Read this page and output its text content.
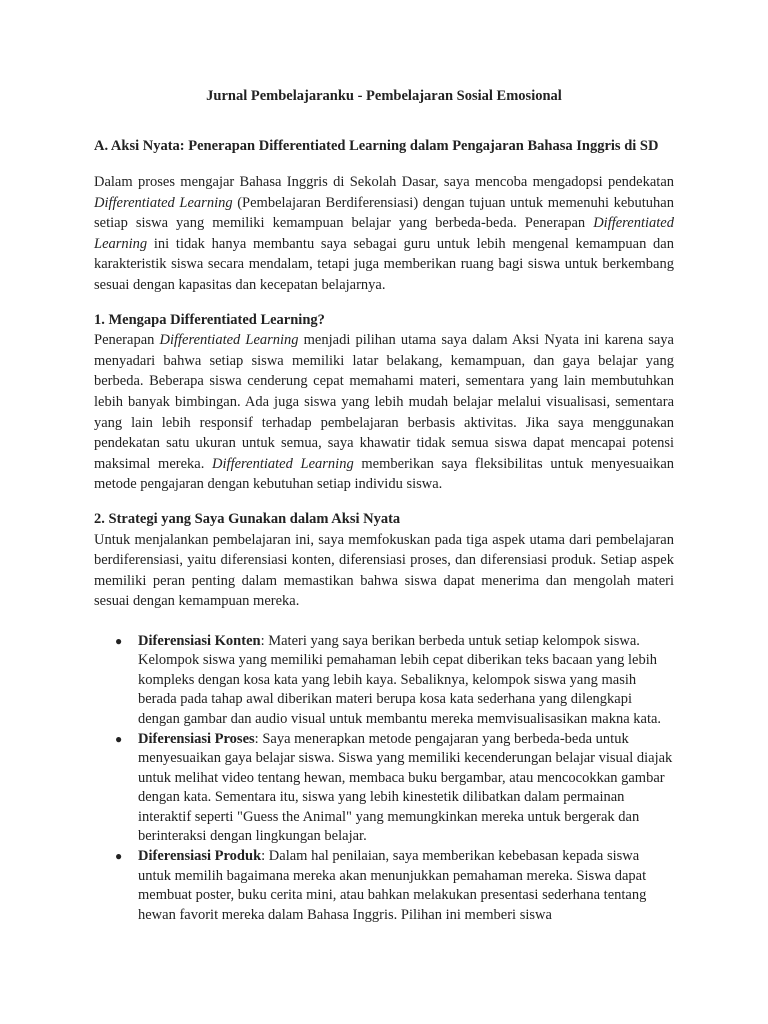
Jurnal Pembelajaranku - Pembelajaran Sosial Emosional
A. Aksi Nyata: Penerapan Differentiated Learning dalam Pengajaran Bahasa Inggris di SD

Dalam proses mengajar Bahasa Inggris di Sekolah Dasar, saya mencoba mengadopsi pendekatan Differentiated Learning (Pembelajaran Berdiferensiasi) dengan tujuan untuk memenuhi kebutuhan setiap siswa yang memiliki kemampuan belajar yang berbeda-beda. Penerapan Differentiated Learning ini tidak hanya membantu saya sebagai guru untuk lebih mengenal kemampuan dan karakteristik siswa secara mendalam, tetapi juga memberikan ruang bagi siswa untuk berkembang sesuai dengan kapasitas dan kecepatan belajarnya.

1. Mengapa Differentiated Learning?

Penerapan Differentiated Learning menjadi pilihan utama saya dalam Aksi Nyata ini karena saya menyadari bahwa setiap siswa memiliki latar belakang, kemampuan, dan gaya belajar yang berbeda. Beberapa siswa cenderung cepat memahami materi, sementara yang lain membutuhkan lebih banyak bimbingan. Ada juga siswa yang lebih mudah belajar melalui visualisasi, sementara yang lain lebih responsif terhadap pembelajaran berbasis aktivitas. Jika saya menggunakan pendekatan satu ukuran untuk semua, saya khawatir tidak semua siswa dapat mencapai potensi maksimal mereka. Differentiated Learning memberikan saya fleksibilitas untuk menyesuaikan metode pengajaran dengan kebutuhan setiap individu siswa.

2. Strategi yang Saya Gunakan dalam Aksi Nyata

Untuk menjalankan pembelajaran ini, saya memfokuskan pada tiga aspek utama dari pembelajaran berdiferensiasi, yaitu diferensiasi konten, diferensiasi proses, dan diferensiasi produk. Setiap aspek memiliki peran penting dalam memastikan bahwa siswa dapat menerima dan mengolah materi sesuai dengan kemampuan mereka.

● Diferensiasi Konten: Materi yang saya berikan berbeda untuk setiap kelompok siswa. Kelompok siswa yang memiliki pemahaman lebih cepat diberikan teks bacaan yang lebih kompleks dengan kosa kata yang lebih kaya. Sebaliknya, kelompok siswa yang masih berada pada tahap awal diberikan materi berupa kosa kata sederhana yang dilengkapi dengan gambar dan audio visual untuk membantu mereka memvisualisasikan makna kata.
● Diferensiasi Proses: Saya menerapkan metode pengajaran yang berbeda-beda untuk menyesuaikan gaya belajar siswa. Siswa yang memiliki kecenderungan belajar visual diajak untuk melihat video tentang hewan, membaca buku bergambar, atau mencocokkan gambar dengan kata. Sementara itu, siswa yang lebih kinestetik dilibatkan dalam permainan interaktif seperti "Guess the Animal" yang memungkinkan mereka untuk bergerak dan berinteraksi dengan lingkungan belajar.
● Diferensiasi Produk: Dalam hal penilaian, saya memberikan kebebasan kepada siswa untuk memilih bagaimana mereka akan menunjukkan pemahaman mereka. Siswa dapat membuat poster, buku cerita mini, atau bahkan melakukan presentasi sederhana tentang hewan favorit mereka dalam Bahasa Inggris. Pilihan ini memberi siswa
